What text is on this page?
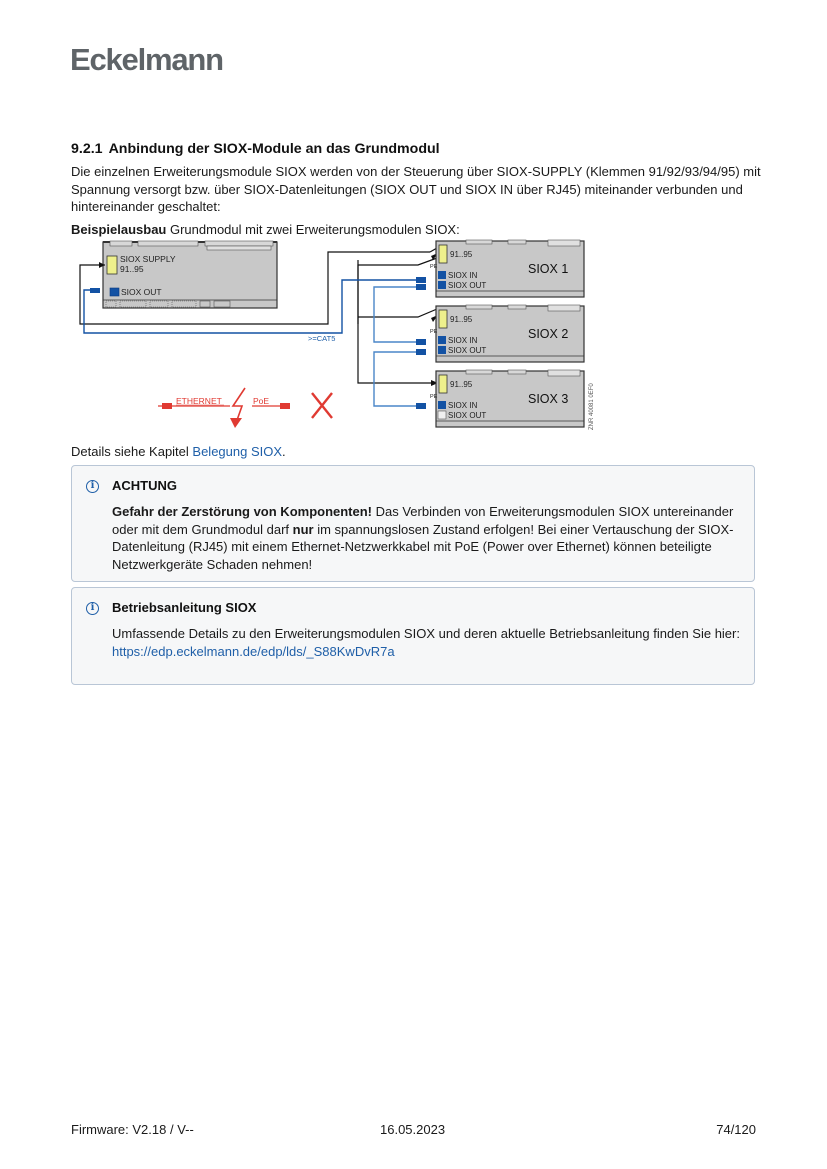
Eckelmann
9.2.1 Anbindung der SIOX-Module an das Grundmodul
Die einzelnen Erweiterungsmodule SIOX werden von der Steuerung über SIOX-SUPPLY (Klemmen 91/92/93/94/95) mit Spannung versorgt bzw. über SIOX-Datenleitungen (SIOX OUT und SIOX IN über RJ45) miteinander verbunden und hintereinander geschaltet:
Beispielausbau Grundmodul mit zwei Erweiterungsmodulen SIOX:
SIOX SUPPLY
91..95
SIOX OUT
>=CAT5
91..95
PE
SIOX IN
SIOX OUT
SIOX 1
91..95
PE
SIOX IN
SIOX OUT
SIOX 2
91..95
PE
SIOX IN
SIOX OUT
SIOX 3	ZNR 40081 0EF0
ETHERNET	PoE
Details siehe Kapitel Belegung SIOX.
i	ACHTUNG
Gefahr der Zerstörung von Komponenten! Das Verbinden von Erweiterungsmodulen SIOX untereinander oder mit dem Grundmodul darf nur im spannungslosen Zustand erfolgen! Bei einer Vertauschung der SIOX-Datenleitung (RJ45) mit einem Ethernet-Netzwerkkabel mit PoE (Power over Ethernet) können beteiligte Netzwerkgeräte Schaden nehmen!
i	Betriebsanleitung SIOX
Umfassende Details zu den Erweiterungsmodulen SIOX und deren aktuelle Betriebsanleitung finden Sie hier:
https://edp.eckelmann.de/edp/lds/_S88KwDvR7a
Firmware: V2.18 / V--	16.05.2023	74/120
